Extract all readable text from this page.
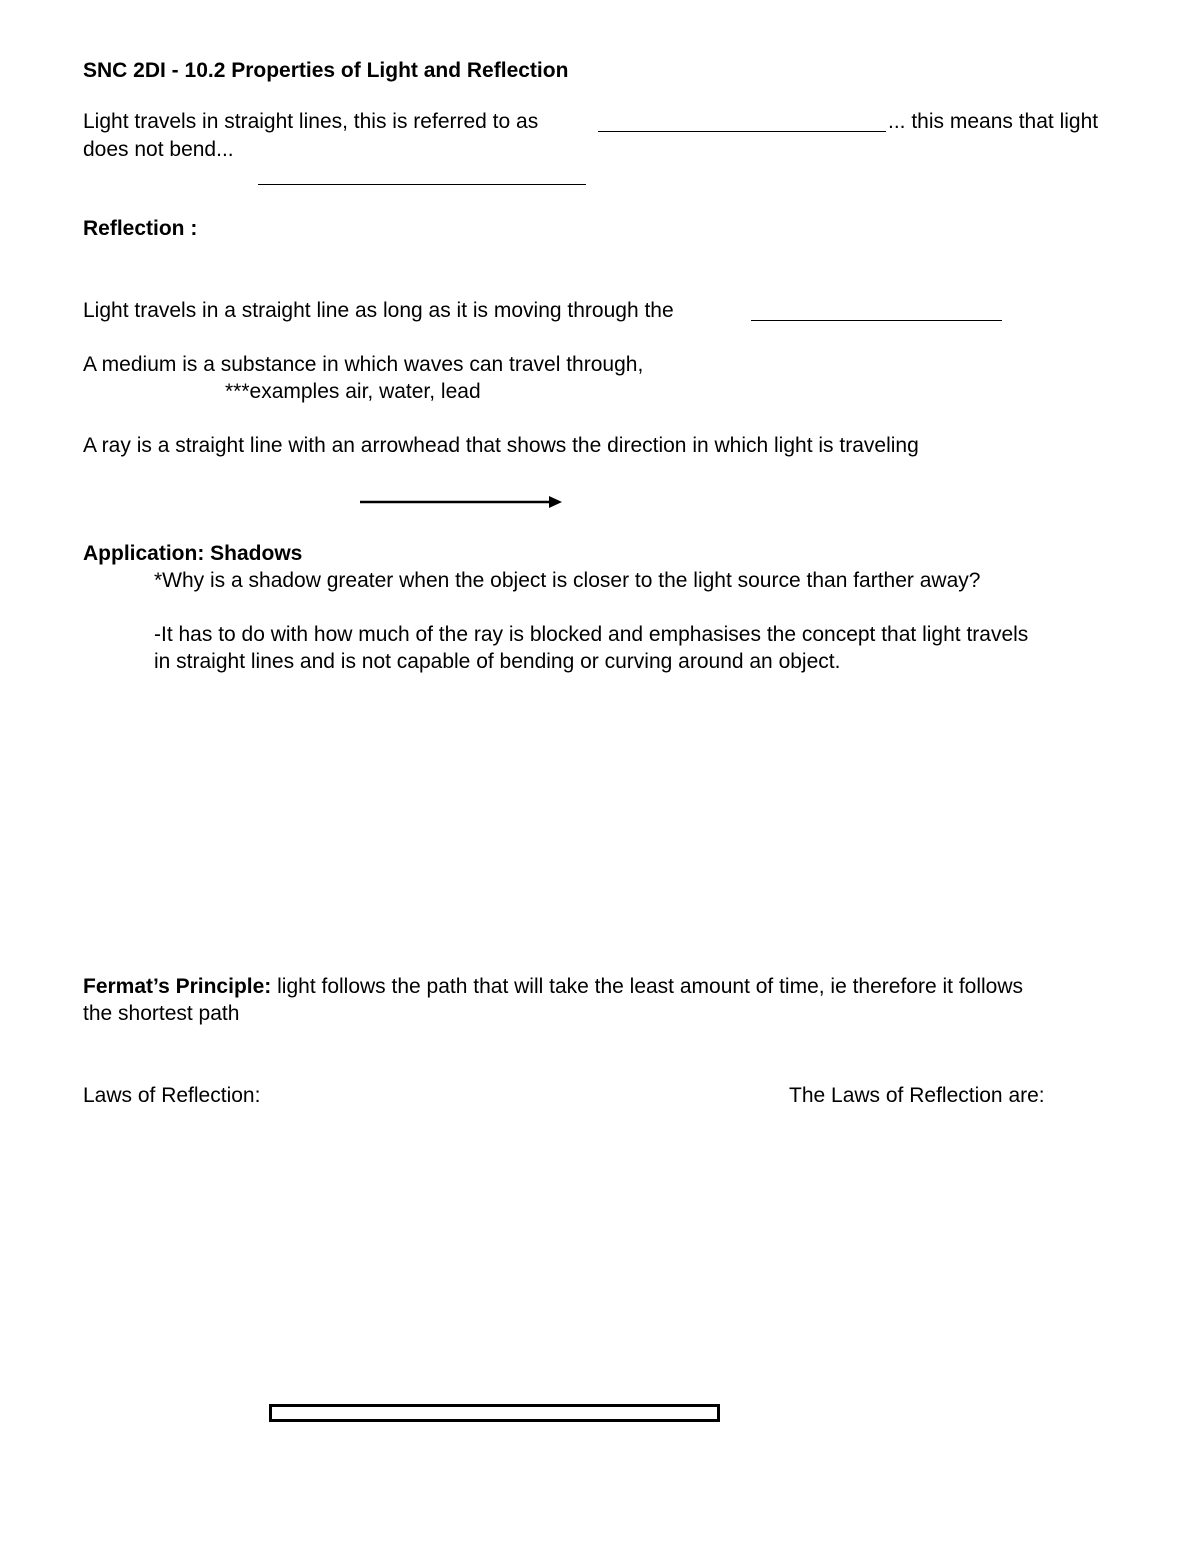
SNC 2DI - 10.2 Properties of Light and Reflection
Light travels in straight lines, this is referred to as	... this means that light
does not bend...
Reflection :
Light travels in a straight line as long as it is moving through the
A medium is a substance in which waves can travel through,
***examples air, water, lead
A ray is a straight line with an arrowhead that shows the direction in which light is traveling
Application: Shadows
*Why is a shadow greater when the object is closer to the light source than farther away?
-It has to do with how much of the ray is blocked and emphasises the concept that light travels
in straight lines and is not capable of bending or curving around an object.
Fermat’s Principle: light follows the path that will take the least amount of time, ie therefore it follows
the shortest path
Laws of Reflection:	The Laws of Reflection are:
